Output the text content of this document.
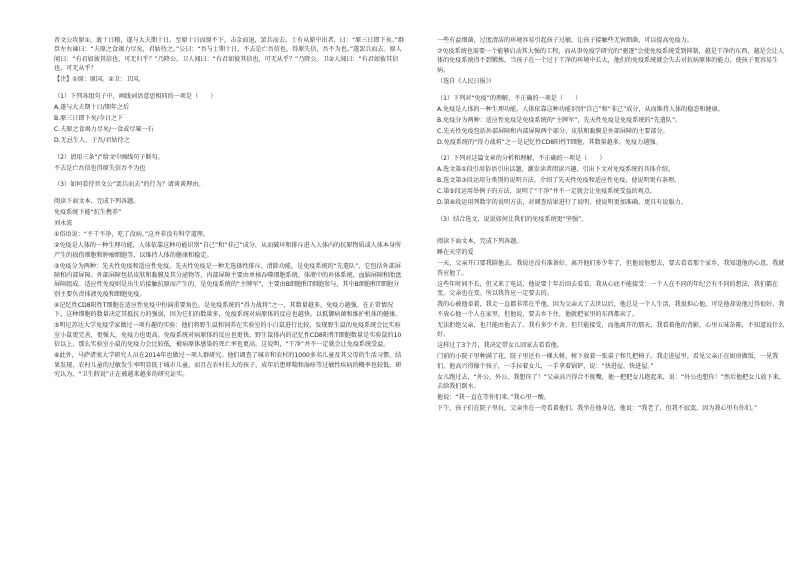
晋文公攻原①，裹十日粮，遂与大夫期十日。至原十日而原不下，击金而退，罢兵而去。士有从原中出者，曰：“原三日即下矣。”群臣左右谏曰：“夫原之食竭力尽矣，君姑待之。”公曰：“吾与士期十日，不去是亡吾信也。得原失信，吾不为也。”遂罢兵而去。原人闻曰：“有君如彼其信也，可无归乎？”乃降公。卫人闻曰：“有君如彼其信也，可无从乎？”乃降公。卫②人闻曰：“有君如彼其信也，可无从乎？

【注】①原：原国。②卫：卫国。

（1）下列各组句子中，画线词语意思相同的一项是（　　）

A.遂与大夫期十日/期年之后

B.原三日即下矣/今日之下

C.夫原之食竭力尽矣/一食或尽粟一石

D.无忌生人，于吾/君姑待之

（2）请用三条“/”给文中画线句子断句。

不去是亡吾信也得原失信吾不为也

（3）如何看待晋文公“罢兵而去”的行为？请谈谈理由。

阅读下面文本，完成下列各题。

免疫系统下能“抗生携养”

刘永波

①俗语说：“不干不净，吃了没病。”这并非没有科学道理。

②免疫是人体的一种生理功能，人体依靠这种功能识别“自己”和“非己”成分，从而破坏和排斥进入人体内的抗原物质或人体本身所产生的损伤细胞和肿瘤细胞等，以维持人体的健康和稳定。

③免疫分为两种：先天性免疫和适应性免疫。先天性免疫是一种无选择性排斥、清除功能，是免疫系统的“先遣队”，它包括外部屏障和内部屏障。外部屏障包括皮肤和黏膜及其分泌物等，内部屏障主要由单核吞噬细胞系统、体液中的补体系统、血脑屏障和胎盘屏障组成。适应性免疫则是出生后接触抗原而产生的，是免疫系统的“主牌军”，主要由B细胞和T细胞参与，其中B细胞和T细胞分别主要负责体液免疫和细胞免疫。

④记忆性CD8阳性T细胞在适应性免疫中扮演重要角色，是免疫系统的“得力战将”之一，其数量越多，免疫力越强。在正常情况下，这种细胞的数量决定其抵抗力的强弱，因为它们的数量多，免疫系统对病原体的反应也越快。以抵御病菌和维护机体的健康。

⑤明尼苏达大学免疫学家做过一项有趣的实验：他们将野生鼠和饲养在实验室的小白鼠进行比较，发现野生鼠的免疫系统会比实验室小鼠更完善，更强大，免疫力也更高。免疫系统对病原体的反应也更快，野生鼠体内的记忆性CD8阳性T细胞数量是实验鼠的10倍以上，那么实验室小鼠的免疫力会比较低，被病原体感染的死亡率也更高。这说明，“干净”并不一定就会让免疫系统受益。

⑥此外，马萨诸塞大学研究人员在2014年也做过一项人群研究。他们调查了城市和农村的1000多名儿童及其父母的生活习惯，结果发现，农村儿童的过敏发生率明显低于城市儿童。而且在农村长大的孩子，成年后患哮喘和湿疹等过敏性疾病的概率也较低。研究认为，“卫生假说”正在被越来越多的研究证实。

一些有益细菌，过度清洁的环境容易引起孩子过敏，让孩子接触些无害细菌，可以提高免疫力。

⑦免疫系统也需要一个能够启动其大强的工程，而从事免疫学研究的“驱逐”会使免疫系统受到抑制，越是干净的东西，越是会让人体的免疫系统得不到锻炼。当孩子在一个过于干净的环境中长大，他们的免疫系统就会失去对抗病原体的能力，使孩子更容易生病。

（选自《人民日报》）

（1）下列对“免疫”的理解，不正确的一项是（　　）

A.免疫是人体的一种生理功能，人体依靠这种功能识别“自己”和“非己”成分，从而维持人体的稳态和健康。

B.免疫分为两种：适应性免疫是免疫系统的“主牌军”，先天性免疫是免疫系统的“先遣队”。

C.先天性免疫包括外部屏障和内部屏障两个部分，皮肤和黏膜是外部屏障的主要部分。

D.免疫系统的“得力战将”之一是记忆性CD8阳性T细胞，其数量越多，免疫力越强。

（2）下列对这篇文章的分析和理解，不正确的一项是（　　）

A.选文第①段引用俗语引出话题，激发读者阅读兴趣，引出下文对免疫系统的具体介绍。

B.选文第③段运用分类别的说明方法，介绍了先天性免疫和适应性免疫，使说明更有条理。

C.第⑤段运用举例子的方法，说明了“干净”并不一定就会让免疫系统受益的观点。

D.第⑥段运用列数字的说明方法，对调查结果进行了说明，使说明更加准确、更具有说服力。

（3）结合选文，说说如何让我们的免疫系统更“坚强”。

阅读下面文本，完成下列各题。

睡在天堂的爱

一天，父亲开口要我陪他去。我说还没有准备好，离开他们多少年了，但他说他想去，要去看看那个家乡，我知道他的心意，我就答应他了。

这些年时间不长，但又来了电话，他说要十年后回去看看。我从心底不能接受：一个人在不同的年纪会有不同的想法，我们都在变，父亲也在变。所以我答应一定要去的。

我的心被他牵着，我走一直都非常在乎他。因为父亲大了去世以后，他总是一个人生活，我很担心他，可是他却说他过得很好。我不放心他一个人在家里，但他说，要去乡下住，他就把家里的东西都卖了。

无法拒绝父亲，也只能由他去了。我有多少不舍，但只能接受，而他离开的那天，我看着他的背影，心里五味杂陈，不知道说什么好。

这样过了3个月，我决定带女儿回家去看看他。

门前的小院子里种满了花，院子里还有一棵大树，树下放着一张桌子和几把椅子。我走进屋里，看见父亲正在厨房做饭，一见我们，他高兴得像个孩子，一手拉着女儿，一手拿着锅铲，说：“快进屋，快进屋。”

女儿跑过去，“外公，外公，我想你了！”父亲高兴得合不拢嘴，他一把把女儿抱起来，说：“外公也想你！”然后他把女儿放下来，去给我们倒水。

他说：“我一直在等你们来。”我心里一酸。

下午，孩子们在院子里玩，父亲坐在一旁看着他们。我坐在他身边，他说：“我老了，但我不寂寞，因为我心里有你们。”
